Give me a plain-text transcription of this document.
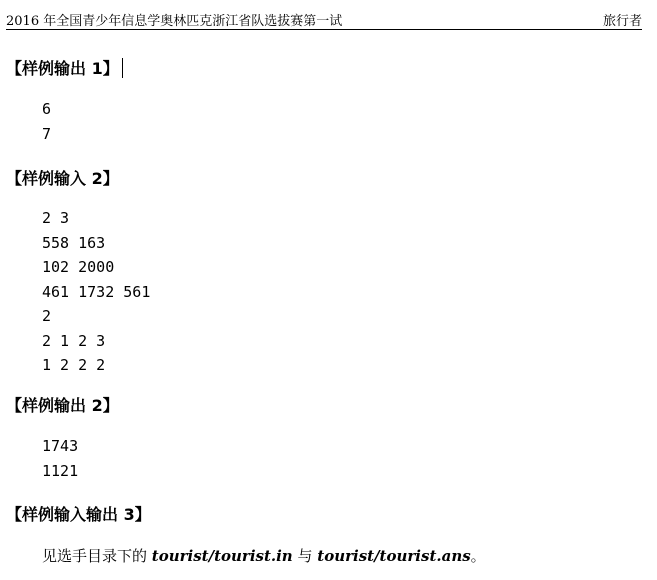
2016 年全国青少年信息学奥林匹克浙江省队选拔赛第一试	旅行者
【样例输出 1】
6
7
【样例输入 2】
2 3
558 163
102 2000
461 1732 561
2
2 1 2 3
1 2 2 2
【样例输出 2】
1743
1121
【样例输入输出 3】
见选手目录下的 tourist/tourist.in 与 tourist/tourist.ans。
